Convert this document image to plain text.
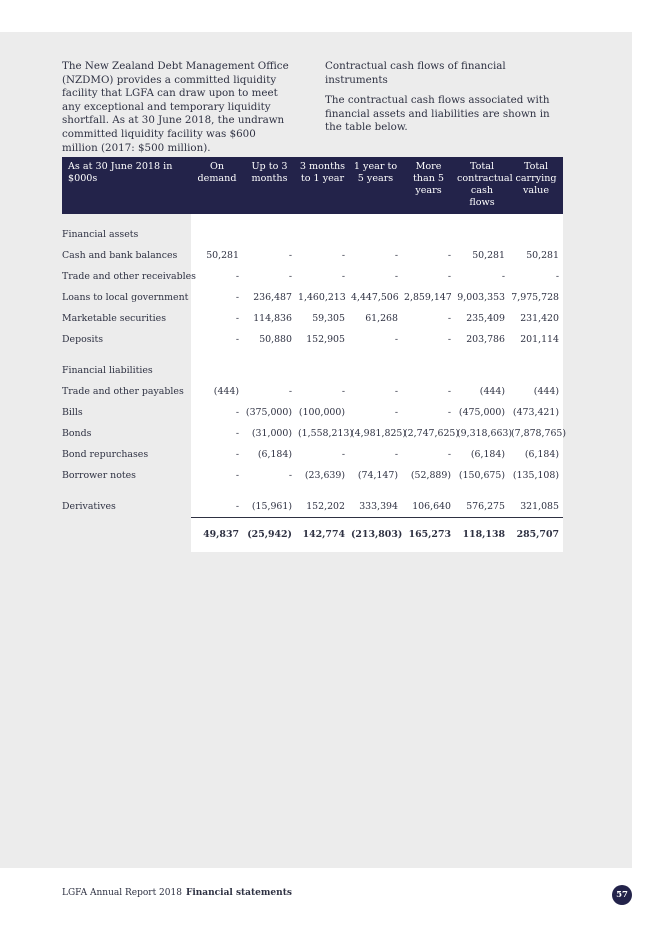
The New Zealand Debt Management Office (NZDMO) provides a committed liquidity facility that LGFA can draw upon to meet any exceptional and temporary liquidity shortfall. As at 30 June 2018, the undrawn committed liquidity facility was $600 million (2017: $500 million).

Contractual cash flows of financial instruments

The contractual cash flows associated with financial assets and liabilities are shown in the table below.

As at 30 June 2018 in $000s	On demand	Up to 3 months	3 months to 1 year	1 year to 5 years	More than 5 years	Total contractual cash flows	Total carrying value
Financial assets							
Cash and bank balances	50,281	-	-	-	-	50,281	50,281
Trade and other receivables	-	-	-	-	-	-	-
Loans to local government	-	236,487	1,460,213	4,447,506	2,859,147	9,003,353	7,975,728
Marketable securities	-	114,836	59,305	61,268	-	235,409	231,420
Deposits	-	50,880	152,905	-	-	203,786	201,114
Financial liabilities							
Trade and other payables	(444)	-	-	-	-	(444)	(444)
Bills	-	(375,000)	(100,000)	-	-	(475,000)	(473,421)
Bonds	-	(31,000)	(1,558,213)	(4,981,825)	(2,747,625)	(9,318,663)	(7,878,765)
Bond repurchases	-	(6,184)	-	-	-	(6,184)	(6,184)
Borrower notes	-	-	(23,639)	(74,147)	(52,889)	(150,675)	(135,108)
Derivatives	-	(15,961)	152,202	333,394	106,640	576,275	321,085
	49,837	(25,942)	142,774	(213,803)	165,273	118,138	285,707
LGFA Annual Report 2018 Financial statements	57
